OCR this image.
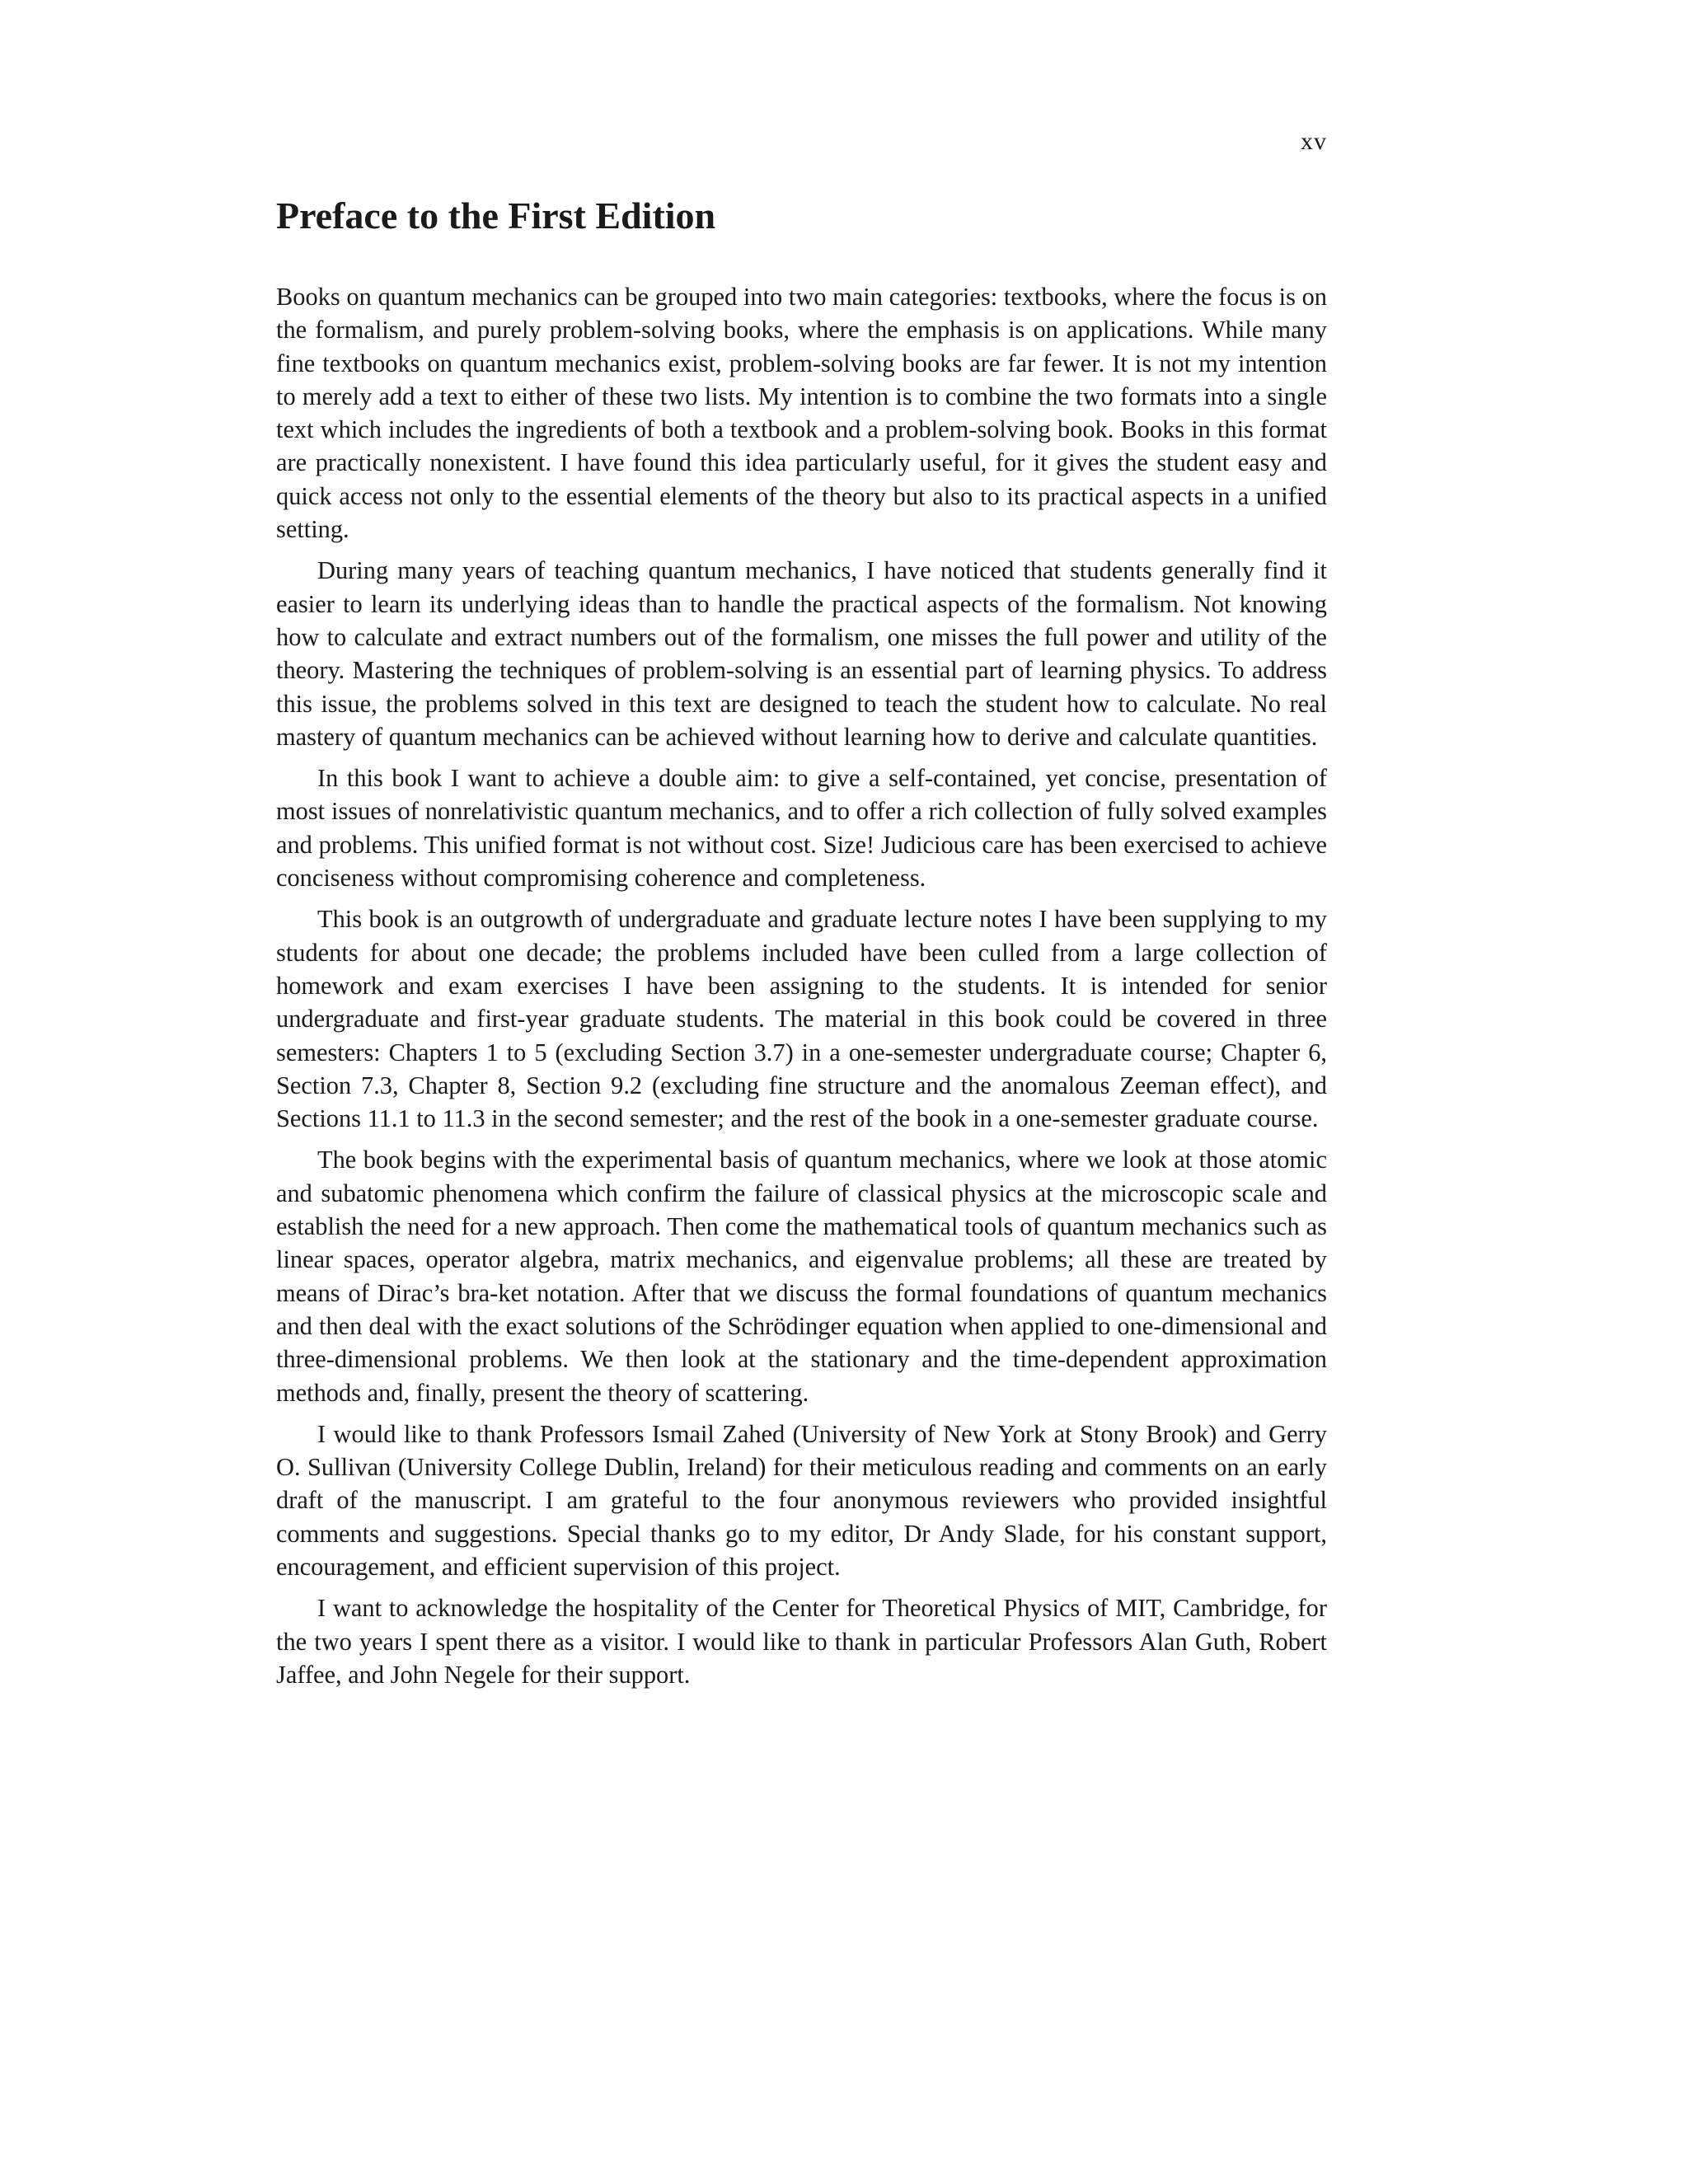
xv
Preface to the First Edition

Books on quantum mechanics can be grouped into two main categories: textbooks, where the focus is on the formalism, and purely problem-solving books, where the emphasis is on applications. While many fine textbooks on quantum mechanics exist, problem-solving books are far fewer. It is not my intention to merely add a text to either of these two lists. My intention is to combine the two formats into a single text which includes the ingredients of both a textbook and a problem-solving book. Books in this format are practically nonexistent. I have found this idea particularly useful, for it gives the student easy and quick access not only to the essential elements of the theory but also to its practical aspects in a unified setting.

During many years of teaching quantum mechanics, I have noticed that students generally find it easier to learn its underlying ideas than to handle the practical aspects of the formalism. Not knowing how to calculate and extract numbers out of the formalism, one misses the full power and utility of the theory. Mastering the techniques of problem-solving is an essential part of learning physics. To address this issue, the problems solved in this text are designed to teach the student how to calculate. No real mastery of quantum mechanics can be achieved without learning how to derive and calculate quantities.

In this book I want to achieve a double aim: to give a self-contained, yet concise, presentation of most issues of nonrelativistic quantum mechanics, and to offer a rich collection of fully solved examples and problems. This unified format is not without cost. Size! Judicious care has been exercised to achieve conciseness without compromising coherence and completeness.

This book is an outgrowth of undergraduate and graduate lecture notes I have been supplying to my students for about one decade; the problems included have been culled from a large collection of homework and exam exercises I have been assigning to the students. It is intended for senior undergraduate and first-year graduate students. The material in this book could be covered in three semesters: Chapters 1 to 5 (excluding Section 3.7) in a one-semester undergraduate course; Chapter 6, Section 7.3, Chapter 8, Section 9.2 (excluding fine structure and the anomalous Zeeman effect), and Sections 11.1 to 11.3 in the second semester; and the rest of the book in a one-semester graduate course.

The book begins with the experimental basis of quantum mechanics, where we look at those atomic and subatomic phenomena which confirm the failure of classical physics at the microscopic scale and establish the need for a new approach. Then come the mathematical tools of quantum mechanics such as linear spaces, operator algebra, matrix mechanics, and eigenvalue problems; all these are treated by means of Dirac’s bra-ket notation. After that we discuss the formal foundations of quantum mechanics and then deal with the exact solutions of the Schrödinger equation when applied to one-dimensional and three-dimensional problems. We then look at the stationary and the time-dependent approximation methods and, finally, present the theory of scattering.

I would like to thank Professors Ismail Zahed (University of New York at Stony Brook) and Gerry O. Sullivan (University College Dublin, Ireland) for their meticulous reading and comments on an early draft of the manuscript. I am grateful to the four anonymous reviewers who provided insightful comments and suggestions. Special thanks go to my editor, Dr Andy Slade, for his constant support, encouragement, and efficient supervision of this project.

I want to acknowledge the hospitality of the Center for Theoretical Physics of MIT, Cambridge, for the two years I spent there as a visitor. I would like to thank in particular Professors Alan Guth, Robert Jaffee, and John Negele for their support.
